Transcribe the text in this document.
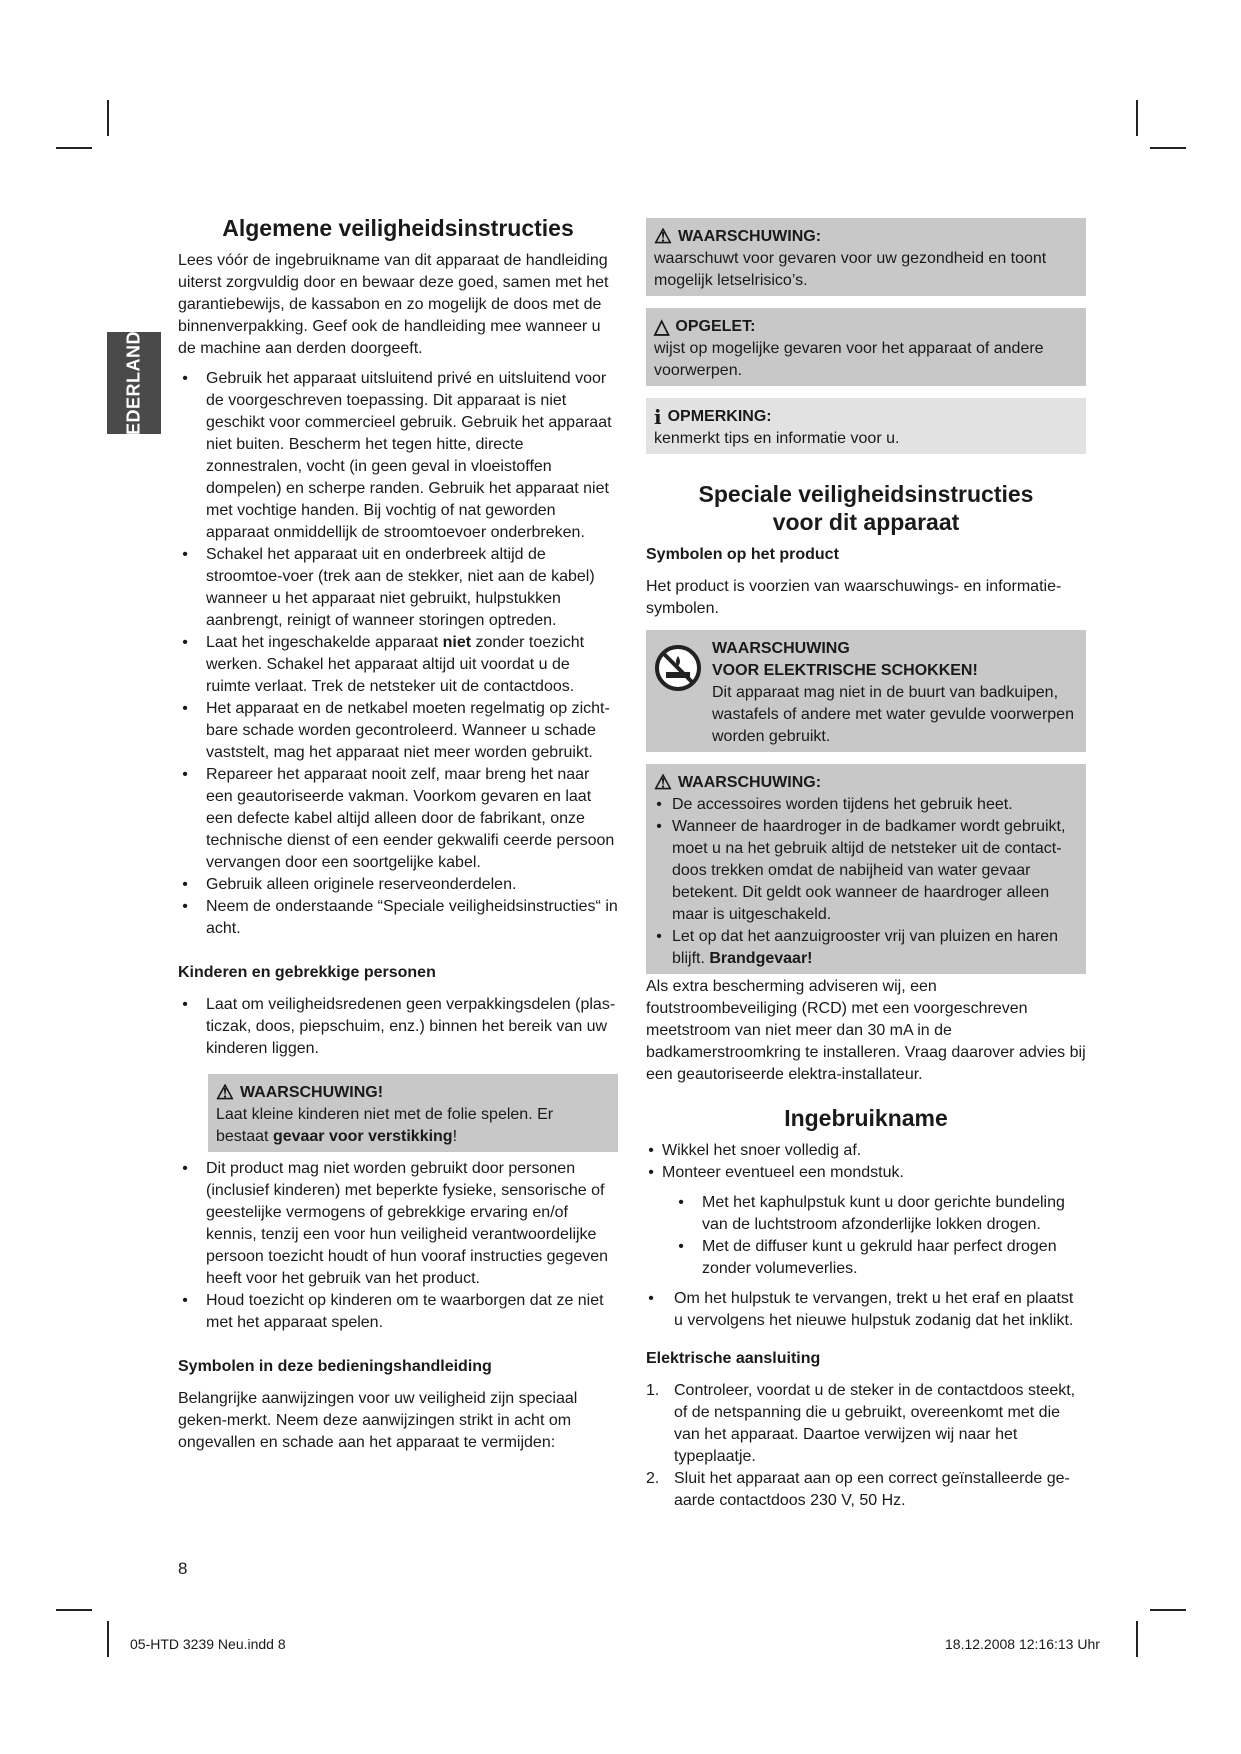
NEDERLANDS
Algemene veiligheidsinstructies

Lees vóór de ingebruikname van dit apparaat de handleiding uiterst zorgvuldig door en bewaar deze goed, samen met het garantiebewijs, de kassabon en zo mogelijk de doos met de binnenverpakking. Geef ook de handleiding mee wanneer u de machine aan derden doorgeeft.

• Gebruik het apparaat uitsluitend privé en uitsluitend voor de voorgeschreven toepassing. Dit apparaat is niet geschikt voor commercieel gebruik. Gebruik het apparaat niet buiten. Bescherm het tegen hitte, directe zonnestralen, vocht (in geen geval in vloeistoffen dompelen) en scherpe randen. Gebruik het apparaat niet met vochtige handen. Bij vochtig of nat geworden apparaat onmiddellijk de stroomtoevoer onderbreken.
• Schakel het apparaat uit en onderbreek altijd de stroomtoe-voer (trek aan de stekker, niet aan de kabel) wanneer u het apparaat niet gebruikt, hulpstukken aanbrengt, reinigt of wanneer storingen optreden.
• Laat het ingeschakelde apparaat niet zonder toezicht werken. Schakel het apparaat altijd uit voordat u de ruimte verlaat. Trek de netsteker uit de contactdoos.
• Het apparaat en de netkabel moeten regelmatig op zicht-bare schade worden gecontroleerd. Wanneer u schade vaststelt, mag het apparaat niet meer worden gebruikt.
• Repareer het apparaat nooit zelf, maar breng het naar een geautoriseerde vakman. Voorkom gevaren en laat een defecte kabel altijd alleen door de fabrikant, onze technische dienst of een eender gekwalifi ceerde persoon vervangen door een soortgelijke kabel.
• Gebruik alleen originele reserveonderdelen.
• Neem de onderstaande “Speciale veiligheidsinstructies“ in acht.
Kinderen en gebrekkige personen
• Laat om veiligheidsredenen geen verpakkingsdelen (plas-ticzak, doos, piepschuim, enz.) binnen het bereik van uw kinderen liggen.
⚠ WAARSCHUWING!

Laat kleine kinderen niet met de folie spelen. Er bestaat gevaar voor verstikking!

• Dit product mag niet worden gebruikt door personen (inclusief kinderen) met beperkte fysieke, sensorische of geestelijke vermogens of gebrekkige ervaring en/of kennis, tenzij een voor hun veiligheid verantwoordelijke persoon toezicht houdt of hun vooraf instructies gegeven heeft voor het gebruik van het product.
• Houd toezicht op kinderen om te waarborgen dat ze niet met het apparaat spelen.
Symbolen in deze bedieningshandleiding

Belangrijke aanwijzingen voor uw veiligheid zijn speciaal geken-merkt. Neem deze aanwijzingen strikt in acht om ongevallen en schade aan het apparaat te vermijden:

⚠ WAARSCHUWING:

waarschuwt voor gevaren voor uw gezondheid en toont mogelijk letselrisico’s.

△ OPGELET:

wijst op mogelijke gevaren voor het apparaat of andere voorwerpen.

i OPMERKING:

kenmerkt tips en informatie voor u.

Speciale veiligheidsinstructies
voor dit apparaat
Symbolen op het product

Het product is voorzien van waarschuwings- en informatie-symbolen.

WAARSCHUWING
VOOR ELEKTRISCHE SCHOKKEN!

Dit apparaat mag niet in de buurt van badkuipen, wastafels of andere met water gevulde voorwerpen worden gebruikt.

⚠ WAARSCHUWING:
• De accessoires worden tijdens het gebruik heet.
• Wanneer de haardroger in de badkamer wordt gebruikt, moet u na het gebruik altijd de netsteker uit de contact-doos trekken omdat de nabijheid van water gevaar betekent. Dit geldt ook wanneer de haardroger alleen maar is uitgeschakeld.
• Let op dat het aanzuigrooster vrij van pluizen en haren blijft. Brandgevaar!

Als extra bescherming adviseren wij, een foutstroombeveiliging (RCD) met een voorgeschreven meetstroom van niet meer dan 30 mA in de badkamerstroomkring te installeren. Vraag daarover advies bij een geautoriseerde elektra-installateur.

Ingebruikname
• Wikkel het snoer volledig af.
• Monteer eventueel een mondstuk.
• Met het kaphulpstuk kunt u door gerichte bundeling van de luchtstroom afzonderlijke lokken drogen.
• Met de diffuser kunt u gekruld haar perfect drogen zonder volumeverlies.
• Om het hulpstuk te vervangen, trekt u het eraf en plaatst u vervolgens het nieuwe hulpstuk zodanig dat het inklikt.
Elektrische aansluiting
1. Controleer, voordat u de steker in de contactdoos steekt, of de netspanning die u gebruikt, overeenkomt met die van het apparaat. Daartoe verwijzen wij naar het typeplaatje.
2. Sluit het apparaat aan op een correct geïnstalleerde ge-aarde contactdoos 230 V, 50 Hz.
8
05-HTD 3239 Neu.indd 8	18.12.2008 12:16:13 Uhr
